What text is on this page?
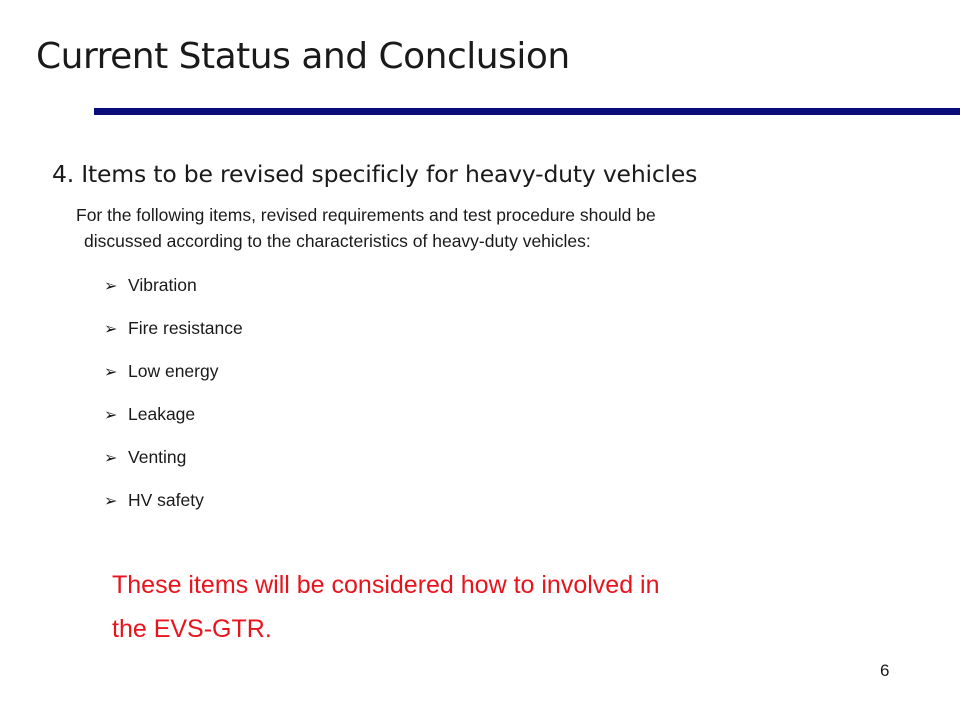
Current Status and Conclusion
4. Items to be revised specificly for heavy-duty vehicles
For the following items, revised requirements and test procedure should be
discussed according to the characteristics of heavy-duty vehicles:
➢ Vibration
➢ Fire resistance
➢ Low energy
➢ Leakage
➢ Venting
➢ HV safety
These items will be considered how to involved in
the EVS-GTR.
6
